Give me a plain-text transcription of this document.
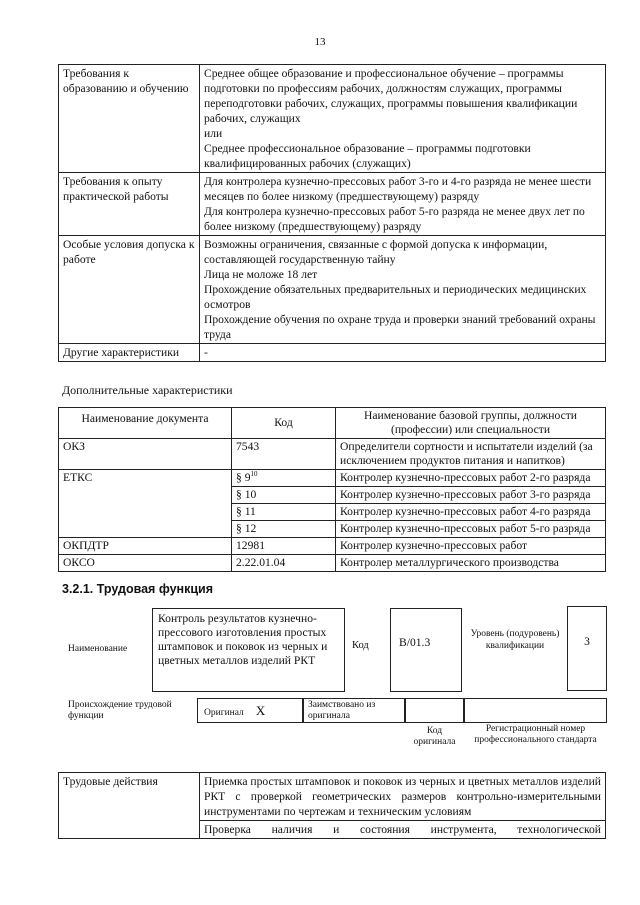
13
Требования к образованию и обучению	Среднее общее образование и профессиональное обучение – программы подготовки по профессиям рабочих, должностям служащих, программы переподготовки рабочих, служащих, программы повышения квалификации рабочих, служащих
или
Среднее профессиональное образование – программы подготовки квалифицированных рабочих (служащих)

Требования к опыту практической работы	Для контролера кузнечно-прессовых работ 3-го и 4-го разряда не менее шести месяцев по более низкому (предшествующему) разряду
Для контролера кузнечно-прессовых работ 5-го разряда не менее двух лет по более низкому (предшествующему) разряду

Особые условия допуска к работе	Возможны ограничения, связанные с формой допуска к информации, составляющей государственную тайну
Лица не моложе 18 лет
Прохождение обязательных предварительных и периодических медицинских осмотров
Прохождение обучения по охране труда и проверки знаний требований охраны труда

Другие характеристики	-
Дополнительные характеристики
Наименование документа	Код	Наименование базовой группы, должности (профессии) или специальности
ОКЗ	7543	Определители сортности и испытатели изделий (за исключением продуктов питания и напитков)
ЕТКС	§ $9^{10}$	Контролер кузнечно-прессовых работ 2-го разряда
	§ 10	Контролер кузнечно-прессовых работ 3-го разряда
	§ 11	Контролер кузнечно-прессовых работ 4-го разряда
	§ 12	Контролер кузнечно-прессовых работ 5-го разряда
ОКПДТР	12981	Контролер кузнечно-прессовых работ
ОКСО	2.22.01.04	Контролер металлургического производства
3.2.1. Трудовая функция
Наименование
Контроль результатов кузнечно-прессового изготовления простых штамповок и поковок из черных и цветных металлов изделий РКТ
Код	В/01.3
Уровень (подуровень) квалификации	3
Происхождение трудовой функции	Оригинал Х	Заимствовано из оригинала
Код оригинала
Регистрационный номер профессионального стандарта
Трудовые действия	Приемка простых штамповок и поковок из черных и цветных металлов изделий РКТ с проверкой геометрических размеров контрольно-измерительными инструментами по чертежам и техническим условиям
Проверка наличия и состояния инструмента, технологической
